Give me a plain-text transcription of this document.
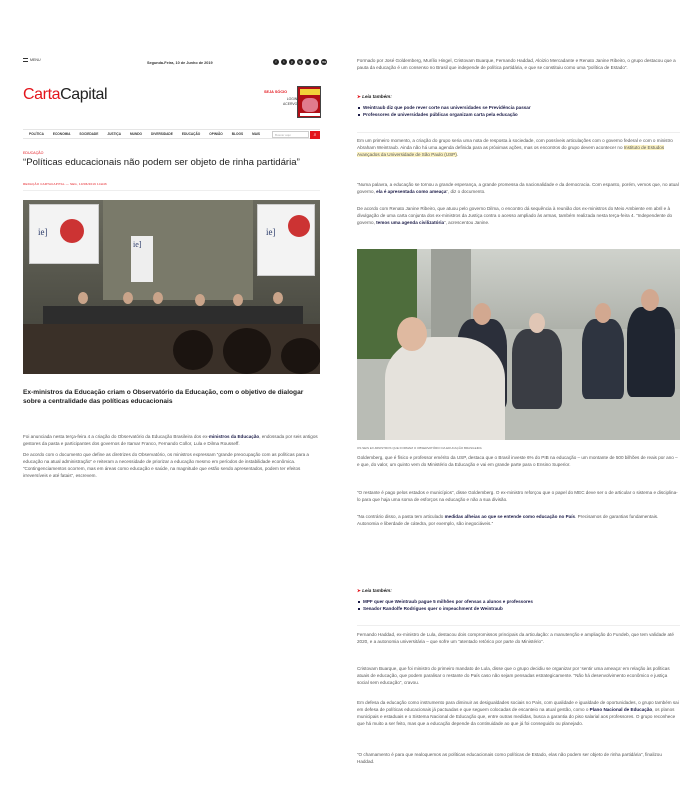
MENU
Segunda-Feira, 10 de Junho de 2019	f	t	y	ig	in	p	rss
CartaCapital	SEJA SÓCIO
LOGIN
ACERVO
POLÍTICA	ECONOMIA	SOCIEDADE	JUSTIÇA	MUNDO	DIVERSIDADE	EDUCAÇÃO	OPINIÃO	BLOGS	MAIS	Buscar aqui	⌕
EDUCAÇÃO
“Políticas educacionais não podem ser objeto de rinha partidária”
REDAÇÃO CARTACAPITAL — SEG, 10/06/2019 14H46
ie]	ie]
ie]
Ex-ministros da Educação criam o Observatório da Educação, com o objetivo de dialogar sobre a centralidade das políticas educacionais
Foi anunciada nesta terça-feira 4 a criação do Observatório da Educação Brasileira dos ex-ministros da Educação, endossada por seis antigos gestores da pasta e participantes dos governos de Itamar Franco, Fernando Collor, Lula e Dilma Rousseff.
De acordo com o documento que define as diretrizes do Observatório, os ministros expressam “grande preocupação com as políticas para a educação na atual administração” e reiteram a necessidade de priorizar a educação mesmo em períodos de instabilidade econômica. “Contingenciamentos ocorrem, mas em áreas como educação e saúde, na magnitude que estão sendo apresentados, podem ter efeitos irreversíveis e até fatais”, escrevem.
Formado por José Goldemberg, Murílio Hingel, Cristovam Buarque, Fernando Haddad, Aloizio Mercadante e Renato Janine Ribeiro, o grupo destacou que a pauta da educação é um consenso no Brasil que independe de política partidária, e que se constituiu como uma “política de Estado”.
➤ Leia também:
Weintraub diz que pode rever corte nas universidades se Previdência passar
Professores de universidades públicas organizam carta pela educação
Em um primeiro momento, a criação do grupo seria uma nota de resposta à sociedade, com possíveis articulações com o governo federal e com o ministro Abraham Weintraub. Ainda não há uma agenda definida para as próximas ações, mas os encontros do grupo devem acontecer no Instituto de Estudos Avançados da Universidade de São Paulo (USP).
“Numa palavra, a educação se tornou a grande esperança, a grande promessa da nacionalidade e da democracia. Com espanto, porém, vemos que, no atual governo, ela é apresentada como ameaça”, diz o documento.
De acordo com Renato Janine Ribeiro, que atuou pelo governo Dilma, o encontro dá sequência à reunião dos ex-ministros do Meio Ambiente em abril e à divulgação de uma carta conjunta dos ex-ministros da Justiça contra o acesso ampliado às armas, também realizada nesta terça-feira 4. “Independente do governo, temos uma agenda civilizatória”, acrescentou Janine.
OS SEIS EX-MINISTROS QUE FORMAM O OBSERVATÓRIO DA EDUCAÇÃO BRASILEIRA
Goldemberg, que é físico e professor emérito da USP, destaca que o Brasil investe 6% do PIB na educação – um montante de 500 bilhões de reais por ano – e que, do valor, um quinto vem do Ministério da Educação e vai em grande parte para o Ensino Superior.
“O restante é pago pelos estados e municípios”, disse Goldemberg. O ex-ministro reforçou que o papel do MEC deve ser o de articular o sistema e disciplina-lo para que haja uma soma de esforços na educação e não a sua divisão.
“Na contrário disso, a pasta tem articulado medidas alheias ao que se entende como educação no País. Precisamos de garantias fundamentais. Autonomia e liberdade de cátedra, por exemplo, são inegociáveis.”
➤ Leia também:
MPF quer que Weintraub pague 5 milhões por ofensas a alunos e professores
Senador Randolfe Rodrigues quer o impeachment de Weintraub
Fernando Haddad, ex-ministro de Lula, destacou dois compromissos principais da articulação: a manutenção e ampliação do Fundeb, que tem validade até 2020, e a autonomia universitária – que sofre um “atentado retórico por parte do Ministério”.
Cristovam Buarque, que foi ministro do primeiro mandato de Lula, disse que o grupo decidiu se organizar por ‘sentir uma ameaça’ em relação às políticas atuais de educação, que podem paralisar o restante do País caso não sejam pensadas estrategicamente. “Não há desenvolvimento econômico e justiça social sem educação”, cravou.
Em defesa da educação como instrumento para diminuir as desigualdades sociais no País, com qualidade e igualdade de oportunidades, o grupo também sai em defesa de políticas educacionais já pactuadas e que seguem colocadas de escanteio na atual gestão, como o Plano Nacional de Educação, os planos municipais e estaduais e o Sistema Nacional de Educação que, entre outras medidas, busca a garantia do piso salarial aos professores. O grupo reconhece que há muito a ser feito, mas que a educação depende da continuidade ao que já foi conseguido ou planejado.
“O chamamento é para que realoquemos as políticas educacionais como políticas de Estado, elas não podem ser objeto de rinha partidária”, finalizou Haddad.
